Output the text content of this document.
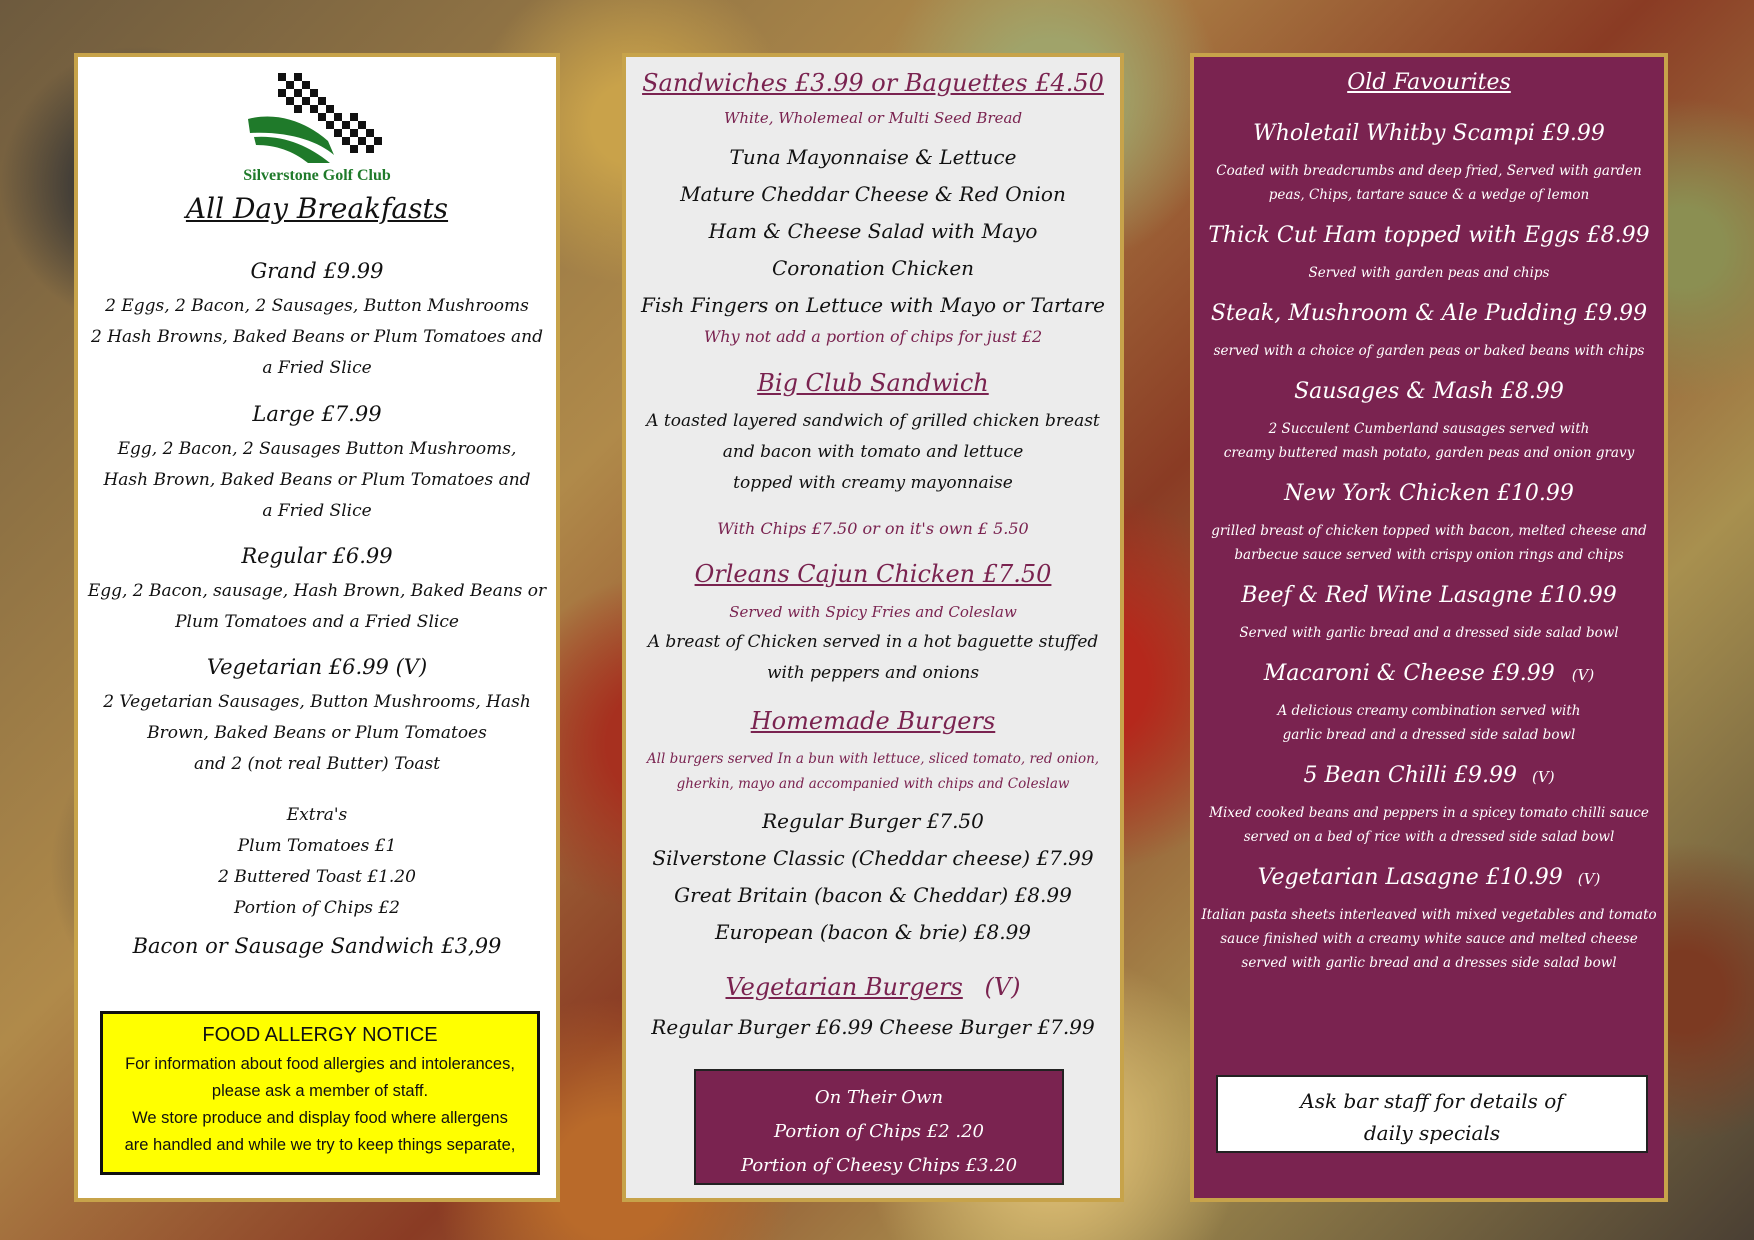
Silverstone Golf Club
All Day Breakfasts
Grand £9.99
2 Eggs, 2 Bacon, 2 Sausages, Button Mushrooms
2 Hash Browns, Baked Beans or Plum Tomatoes and
a Fried Slice
Large £7.99
Egg, 2 Bacon, 2 Sausages Button Mushrooms,
Hash Brown, Baked Beans or Plum Tomatoes and
a Fried Slice
Regular £6.99
Egg, 2 Bacon, sausage, Hash Brown, Baked Beans or
Plum Tomatoes and a Fried Slice
Vegetarian £6.99 (V)
2 Vegetarian Sausages, Button Mushrooms, Hash
Brown, Baked Beans or Plum Tomatoes
and 2 (not real Butter) Toast
Extra's
Plum Tomatoes £1
2 Buttered Toast £1.20
Portion of Chips £2
Bacon or Sausage Sandwich £3,99
FOOD ALLERGY NOTICE
For information about food allergies and intolerances,
please ask a member of staff.
We store produce and display food where allergens
are handled and while we try to keep things separate,
Sandwiches £3.99 or Baguettes £4.50
White, Wholemeal or Multi Seed Bread
Tuna Mayonnaise & Lettuce
Mature Cheddar Cheese & Red Onion
Ham & Cheese Salad with Mayo
Coronation Chicken
Fish Fingers on Lettuce with Mayo or Tartare
Why not add a portion of chips for just £2
Big Club Sandwich
A toasted layered sandwich of grilled chicken breast
and bacon with tomato and lettuce
topped with creamy mayonnaise
With Chips £7.50 or on it's own £ 5.50
Orleans Cajun Chicken £7.50
Served with Spicy Fries and Coleslaw
A breast of Chicken served in a hot baguette stuffed
with peppers and onions
Homemade Burgers
All burgers served In a bun with lettuce, sliced tomato, red onion,
gherkin, mayo and accompanied with chips and Coleslaw
Regular Burger £7.50
Silverstone Classic (Cheddar cheese) £7.99
Great Britain (bacon & Cheddar) £8.99
European (bacon & brie) £8.99
Vegetarian Burgers (V)
Regular Burger £6.99 Cheese Burger £7.99
On Their Own
Portion of Chips £2 .20
Portion of Cheesy Chips £3.20
Old Favourites
Wholetail Whitby Scampi £9.99
Coated with breadcrumbs and deep fried, Served with garden
peas, Chips, tartare sauce & a wedge of lemon
Thick Cut Ham topped with Eggs £8.99
Served with garden peas and chips
Steak, Mushroom & Ale Pudding £9.99
served with a choice of garden peas or baked beans with chips
Sausages & Mash £8.99
2 Succulent Cumberland sausages served with
creamy buttered mash potato, garden peas and onion gravy
New York Chicken £10.99
grilled breast of chicken topped with bacon, melted cheese and
barbecue sauce served with crispy onion rings and chips
Beef & Red Wine Lasagne £10.99
Served with garlic bread and a dressed side salad bowl
Macaroni & Cheese £9.99 (V)
A delicious creamy combination served with
garlic bread and a dressed side salad bowl
5 Bean Chilli £9.99 (V)
Mixed cooked beans and peppers in a spicey tomato chilli sauce
served on a bed of rice with a dressed side salad bowl
Vegetarian Lasagne £10.99 (V)
Italian pasta sheets interleaved with mixed vegetables and tomato
sauce finished with a creamy white sauce and melted cheese
served with garlic bread and a dresses side salad bowl
Ask bar staff for details of
daily specials
